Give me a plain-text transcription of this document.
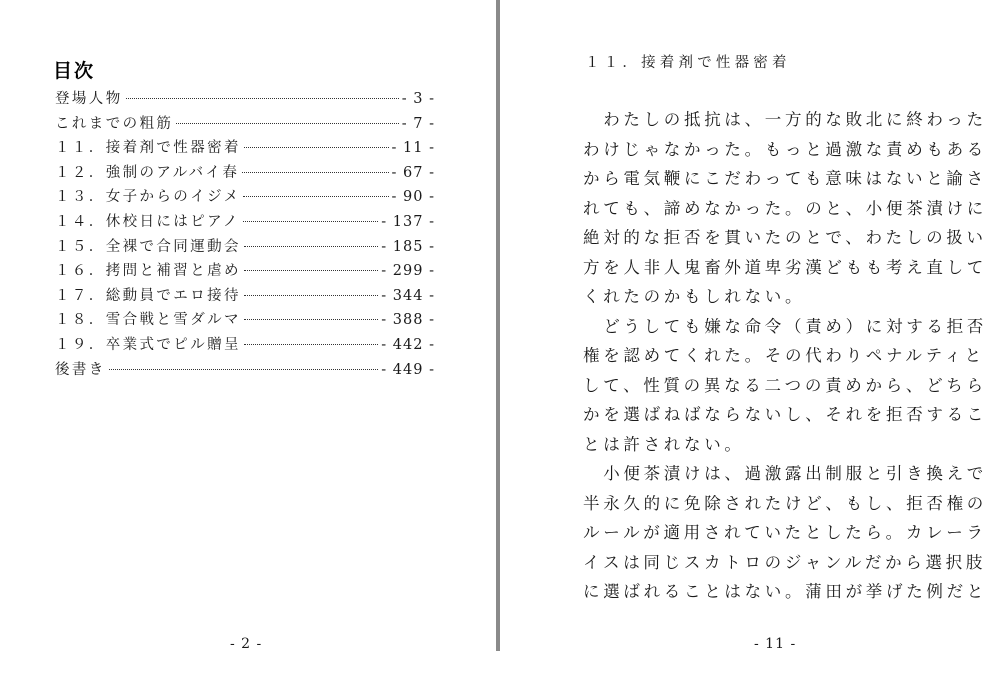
目次
登場人物	- 3 -
これまでの粗筋	- 7 -
１１．接着剤で性器密着	- 11 -
１２．強制のアルバイ春	- 67 -
１３．女子からのイジメ	- 90 -
１４．休校日にはピアノ	- 137 -
１５．全裸で合同運動会	- 185 -
１６．拷問と補習と虐め	- 299 -
１７．総動員でエロ接待	- 344 -
１８．雪合戦と雪ダルマ	- 388 -
１９．卒業式でピル贈呈	- 442 -
後書き	- 449 -
- 2 -
１１．接着剤で性器密着
　わたしの抵抗は、一方的な敗北に終わった
わけじゃなかった。もっと過激な責めもある
から電気鞭にこだわっても意味はないと諭さ
れても、諦めなかった。のと、小便茶漬けに
絶対的な拒否を貫いたのとで、わたしの扱い
方を人非人鬼畜外道卑劣漢どもも考え直して
くれたのかもしれない。
　どうしても嫌な命令（責め）に対する拒否
権を認めてくれた。その代わりペナルティと
して、性質の異なる二つの責めから、どちら
かを選ばねばならないし、それを拒否するこ
とは許されない。
　小便茶漬けは、過激露出制服と引き換えで
半永久的に免除されたけど、もし、拒否権の
ルールが適用されていたとしたら。カレーラ
イスは同じスカトロのジャンルだから選択肢
に選ばれることはない。蒲田が挙げた例だと
- 11 -
